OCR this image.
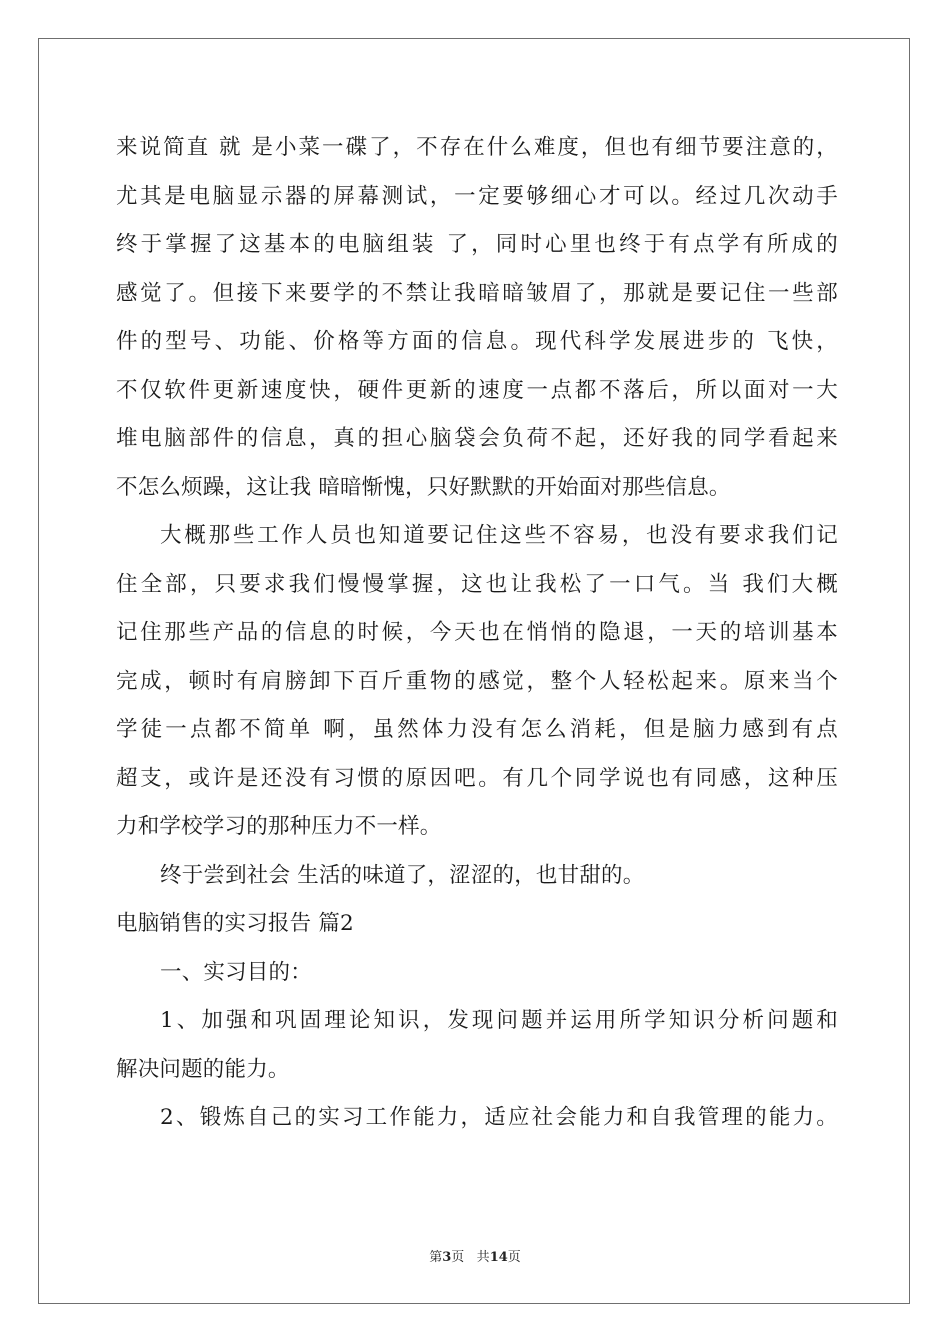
来说简直 就 是小菜一碟了，不存在什么难度，但也有细节要注意的，
尤其是电脑显示器的屏幕测试，一定要够细心才可以。经过几次动手
终于掌握了这基本的电脑组装 了，同时心里也终于有点学有所成的
感觉了。但接下来要学的不禁让我暗暗皱眉了，那就是要记住一些部
件的型号、功能、价格等方面的信息。现代科学发展进步的 飞快，
不仅软件更新速度快，硬件更新的速度一点都不落后，所以面对一大
堆电脑部件的信息，真的担心脑袋会负荷不起，还好我的同学看起来
不怎么烦躁，这让我 暗暗惭愧，只好默默的开始面对那些信息。
大概那些工作人员也知道要记住这些不容易，也没有要求我们记
住全部，只要求我们慢慢掌握，这也让我松了一口气。当 我们大概
记住那些产品的信息的时候，今天也在悄悄的隐退，一天的培训基本
完成，顿时有肩膀卸下百斤重物的感觉，整个人轻松起来。原来当个
学徒一点都不简单 啊，虽然体力没有怎么消耗，但是脑力感到有点
超支，或许是还没有习惯的原因吧。有几个同学说也有同感，这种压
力和学校学习的那种压力不一样。
终于尝到社会 生活的味道了，涩涩的，也甘甜的。
电脑销售的实习报告 篇2
一、实习目的：
1、加强和巩固理论知识，发现问题并运用所学知识分析问题和
解决问题的能力。
2、锻炼自己的实习工作能力，适应社会能力和自我管理的能力。
第3页 共14页
